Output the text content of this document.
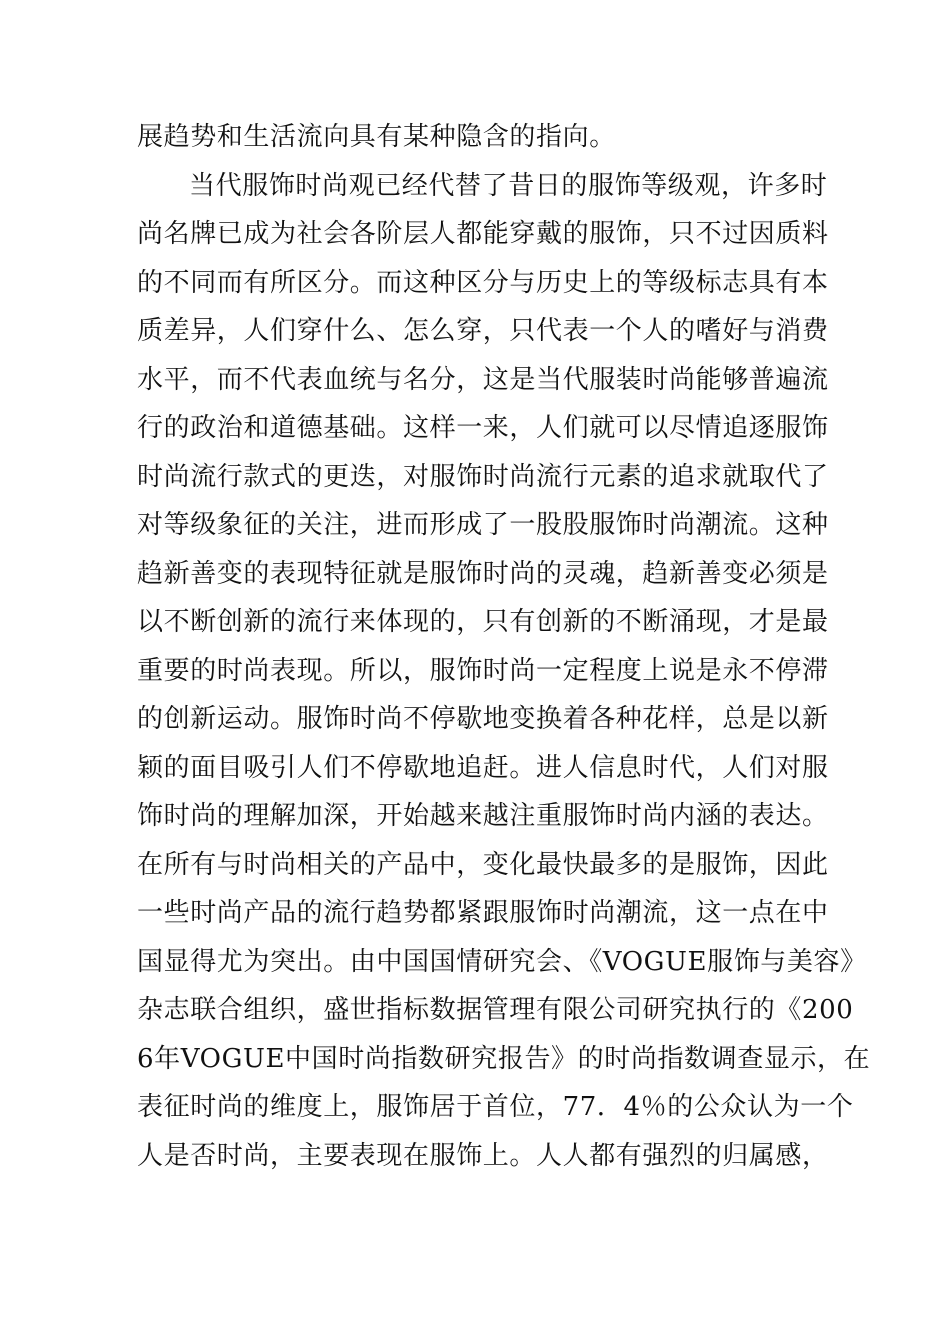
展趋势和生活流向具有某种隐含的指向。
当代服饰时尚观已经代替了昔日的服饰等级观，许多时
尚名牌已成为社会各阶层人都能穿戴的服饰，只不过因质料
的不同而有所区分。而这种区分与历史上的等级标志具有本
质差异，人们穿什么、怎么穿，只代表一个人的嗜好与消费
水平，而不代表血统与名分，这是当代服装时尚能够普遍流
行的政治和道德基础。这样一来，人们就可以尽情追逐服饰
时尚流行款式的更迭，对服饰时尚流行元素的追求就取代了
对等级象征的关注，进而形成了一股股服饰时尚潮流。这种
趋新善变的表现特征就是服饰时尚的灵魂，趋新善变必须是
以不断创新的流行来体现的，只有创新的不断涌现，才是最
重要的时尚表现。所以，服饰时尚一定程度上说是永不停滞
的创新运动。服饰时尚不停歇地变换着各种花样，总是以新
颖的面目吸引人们不停歇地追赶。进人信息时代，人们对服
饰时尚的理解加深，开始越来越注重服饰时尚内涵的表达。
在所有与时尚相关的产品中，变化最快最多的是服饰，因此
一些时尚产品的流行趋势都紧跟服饰时尚潮流，这一点在中
国显得尤为突出。由中国国情研究会、《VOGUE服饰与美容》
杂志联合组织，盛世指标数据管理有限公司研究执行的《200
6年VOGUE中国时尚指数研究报告》的时尚指数调查显示，在
表征时尚的维度上，服饰居于首位，77．4％的公众认为一个
人是否时尚，主要表现在服饰上。人人都有强烈的归属感，
